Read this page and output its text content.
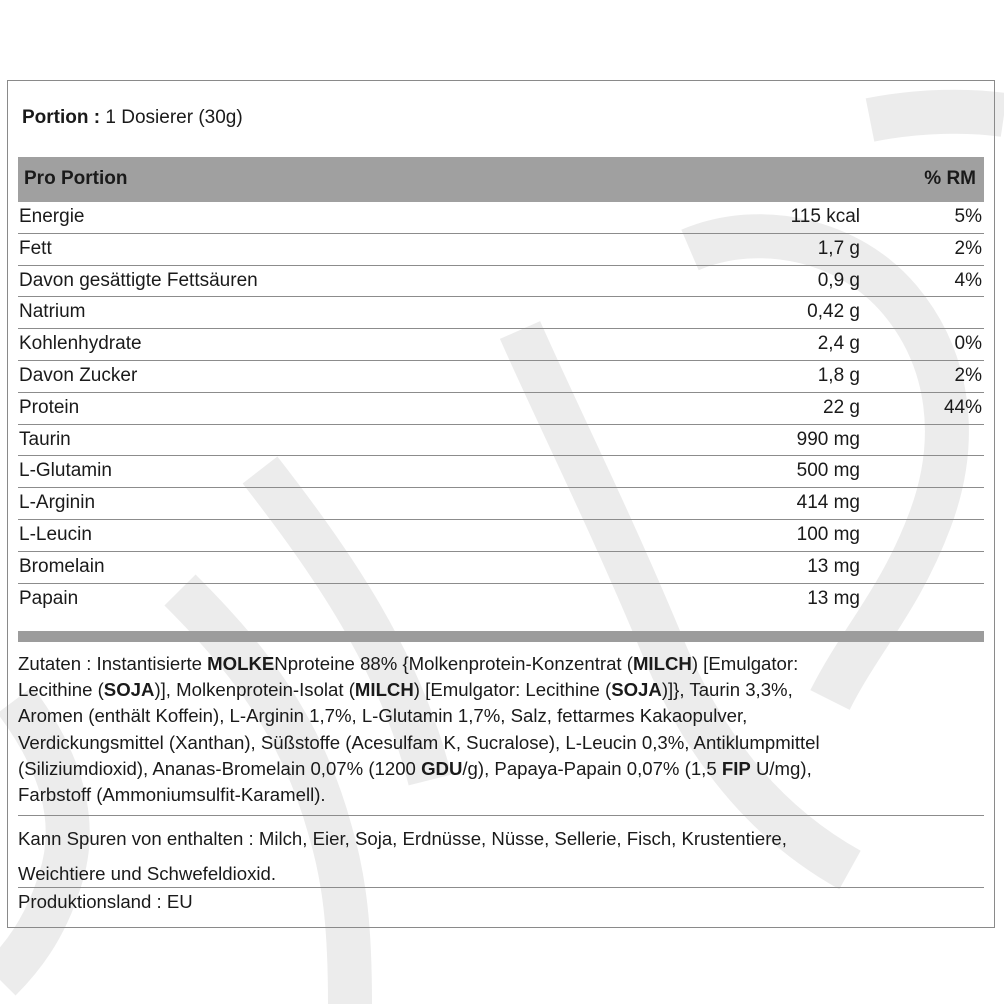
Portion : 1 Dosierer (30g)
Pro Portion	% RM
Energie	115 kcal	5%
Fett	1,7 g	2%
Davon gesättigte Fettsäuren	0,9 g	4%
Natrium	0,42 g
Kohlenhydrate	2,4 g	0%
Davon Zucker	1,8 g	2%
Protein	22 g	44%
Taurin	990 mg
L-Glutamin	500 mg
L-Arginin	414 mg
L-Leucin	100 mg
Bromelain	13 mg
Papain	13 mg
Zutaten : Instantisierte MOLKENproteine 88% {Molkenprotein-Konzentrat (MILCH) [Emulgator:
Lecithine (SOJA)], Molkenprotein-Isolat (MILCH) [Emulgator: Lecithine (SOJA)]}, Taurin 3,3%,
Aromen (enthält Koffein), L-Arginin 1,7%, L-Glutamin 1,7%, Salz, fettarmes Kakaopulver,
Verdickungsmittel (Xanthan), Süßstoffe (Acesulfam K, Sucralose), L-Leucin 0,3%, Antiklumpmittel
(Siliziumdioxid), Ananas-Bromelain 0,07% (1200 GDU/g), Papaya-Papain 0,07% (1,5 FIP U/mg),
Farbstoff (Ammoniumsulfit-Karamell).
Kann Spuren von enthalten : Milch, Eier, Soja, Erdnüsse, Nüsse, Sellerie, Fisch, Krustentiere,
Weichtiere und Schwefeldioxid.
Produktionsland : EU
